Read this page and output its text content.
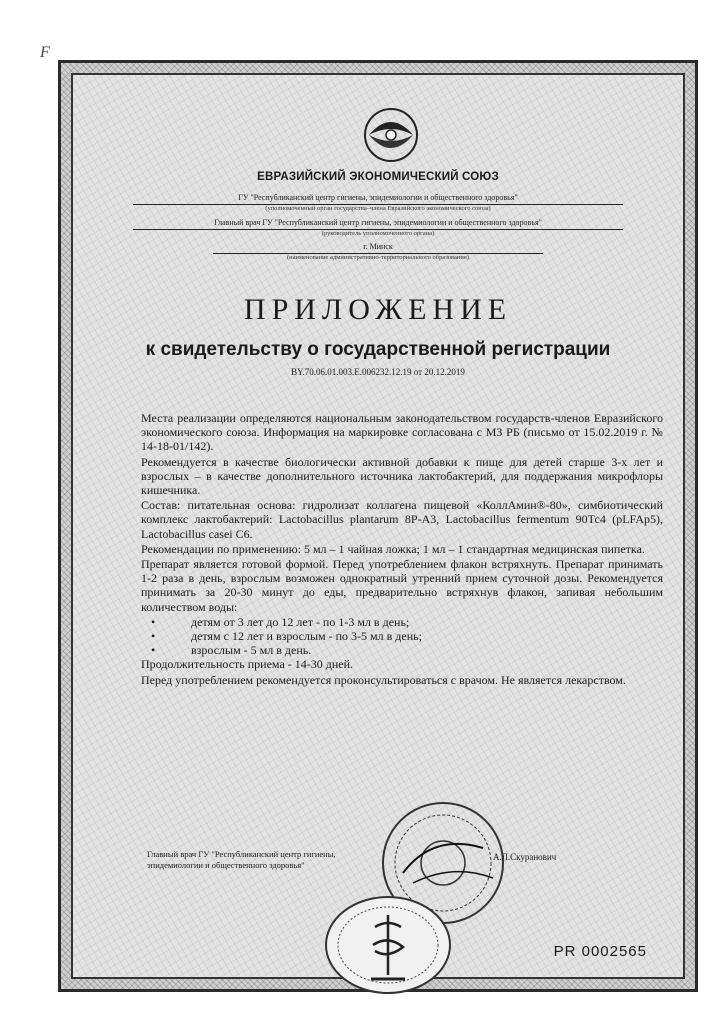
F
ЕВРАЗИЙСКИЙ ЭКОНОМИЧЕСКИЙ СОЮЗ
ГУ "Республиканский центр гигиены, эпидемиологии и общественного здоровья"
(уполномоченный орган государства–члена Евразийского экономического союза)
Главный врач ГУ "Республиканский центр гигиены, эпидемиологии и общественного здоровья"
(руководитель уполномоченного органа)
г. Минск
(наименование административно-территориального образования)
ПРИЛОЖЕНИЕ
к свидетельству о государственной регистрации
BY.70.06.01.003.E.006232.12.19 от 20.12.2019

Места реализации определяются национальным законодательством государств-членов Евразийского экономического союза. Информация на маркировке согласована с МЗ РБ (письмо от 15.02.2019 г. № 14-18-01/142).

Рекомендуется в качестве биологически активной добавки к пище для детей старше 3-х лет и взрослых – в качестве дополнительного источника лактобактерий, для поддержания микрофлоры кишечника.

Состав: питательная основа: гидролизат коллагена пищевой «КоллАмин®-80», симбиотический комплекс лактобактерий: Lactobacillus plantarum 8P-A3, Lactobacillus fermentum 90Тс4 (pLFAp5), Lactobacillus casei C6.

Рекомендации по применению: 5 мл – 1 чайная ложка; 1 мл – 1 стандартная медицинская пипетка.

Препарат является готовой формой. Перед употреблением флакон встряхнуть. Препарат принимать 1-2 раза в день, взрослым возможен однократный утренний прием суточной дозы. Рекомендуется принимать за 20-30 минут до еды, предварительно встряхнув флакон, запивая небольшим количеством воды:

• детям от 3 лет до 12 лет - по 1-3 мл в день;
• детям с 12 лет и взрослым - по 3-5 мл в день;
• взрослым - 5 мл в день.

Продолжительность приема - 14-30 дней.

Перед употреблением рекомендуется проконсультироваться с врачом. Не является лекарством.

Главный врач ГУ "Республиканский центр гигиены,
эпидемиологии и общественного здоровья"
А.Л.Скуранович
PR 0002565
